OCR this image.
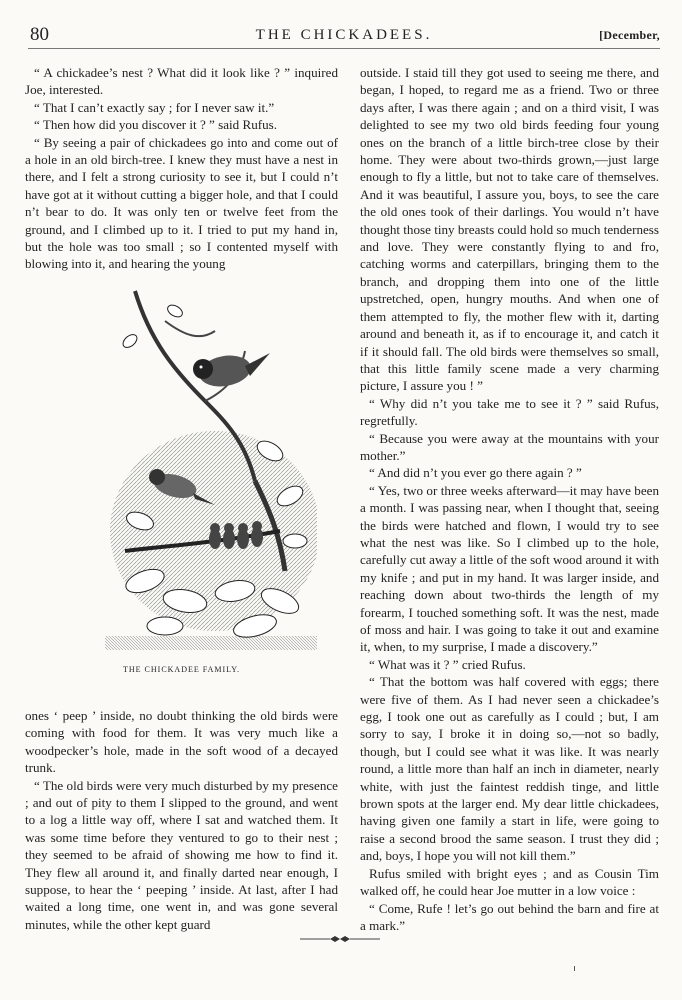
80	THE CHICKADEES.	[December,

“ A chickadee’s nest ? What did it look like ? ” inquired Joe, interested.

“ That I can’t exactly say ; for I never saw it.”

“ Then how did you discover it ? ” said Rufus.

“ By seeing a pair of chickadees go into and come out of a hole in an old birch-tree. I knew they must have a nest in there, and I felt a strong curiosity to see it, but I could n’t have got at it without cutting a bigger hole, and that I could n’t bear to do. It was only ten or twelve feet from the ground, and I climbed up to it. I tried to put my hand in, but the hole was too small ; so I contented myself with blowing into it, and hearing the young

THE CHICKADEE FAMILY.

ones ‘ peep ’ inside, no doubt thinking the old birds were coming with food for them. It was very much like a woodpecker’s hole, made in the soft wood of a decayed trunk.

“ The old birds were very much disturbed by my presence ; and out of pity to them I slipped to the ground, and went to a log a little way off, where I sat and watched them. It was some time before they ventured to go to their nest ; they seemed to be afraid of showing me how to find it. They flew all around it, and finally darted near enough, I suppose, to hear the ‘ peeping ’ inside. At last, after I had waited a long time, one went in, and was gone several minutes, while the other kept guard

outside. I staid till they got used to seeing me there, and began, I hoped, to regard me as a friend. Two or three days after, I was there again ; and on a third visit, I was delighted to see my two old birds feeding four young ones on the branch of a little birch-tree close by their home. They were about two-thirds grown,—just large enough to fly a little, but not to take care of themselves. And it was beautiful, I assure you, boys, to see the care the old ones took of their darlings. You would n’t have thought those tiny breasts could hold so much tenderness and love. They were constantly flying to and fro, catching worms and caterpillars, bringing them to the branch, and dropping them into one of the little upstretched, open, hungry mouths. And when one of them attempted to fly, the mother flew with it, darting around and beneath it, as if to encourage it, and catch it if it should fall. The old birds were themselves so small, that this little family scene made a very charming picture, I assure you ! ”

“ Why did n’t you take me to see it ? ” said Rufus, regretfully.

“ Because you were away at the mountains with your mother.”

“ And did n’t you ever go there again ? ”

“ Yes, two or three weeks afterward—it may have been a month. I was passing near, when I thought that, seeing the birds were hatched and flown, I would try to see what the nest was like. So I climbed up to the hole, carefully cut away a little of the soft wood around it with my knife ; and put in my hand. It was larger inside, and reaching down about two-thirds the length of my forearm, I touched something soft. It was the nest, made of moss and hair. I was going to take it out and examine it, when, to my surprise, I made a discovery.”

“ What was it ? ” cried Rufus.

“ That the bottom was half covered with eggs; there were five of them. As I had never seen a chickadee’s egg, I took one out as carefully as I could ; but, I am sorry to say, I broke it in doing so,—not so badly, though, but I could see what it was like. It was nearly round, a little more than half an inch in diameter, nearly white, with just the faintest reddish tinge, and little brown spots at the larger end. My dear little chickadees, having given one family a start in life, were going to raise a second brood the same season. I trust they did ; and, boys, I hope you will not kill them.”

Rufus smiled with bright eyes ; and as Cousin Tim walked off, he could hear Joe mutter in a low voice :

“ Come, Rufe ! let’s go out behind the barn and fire at a mark.”
